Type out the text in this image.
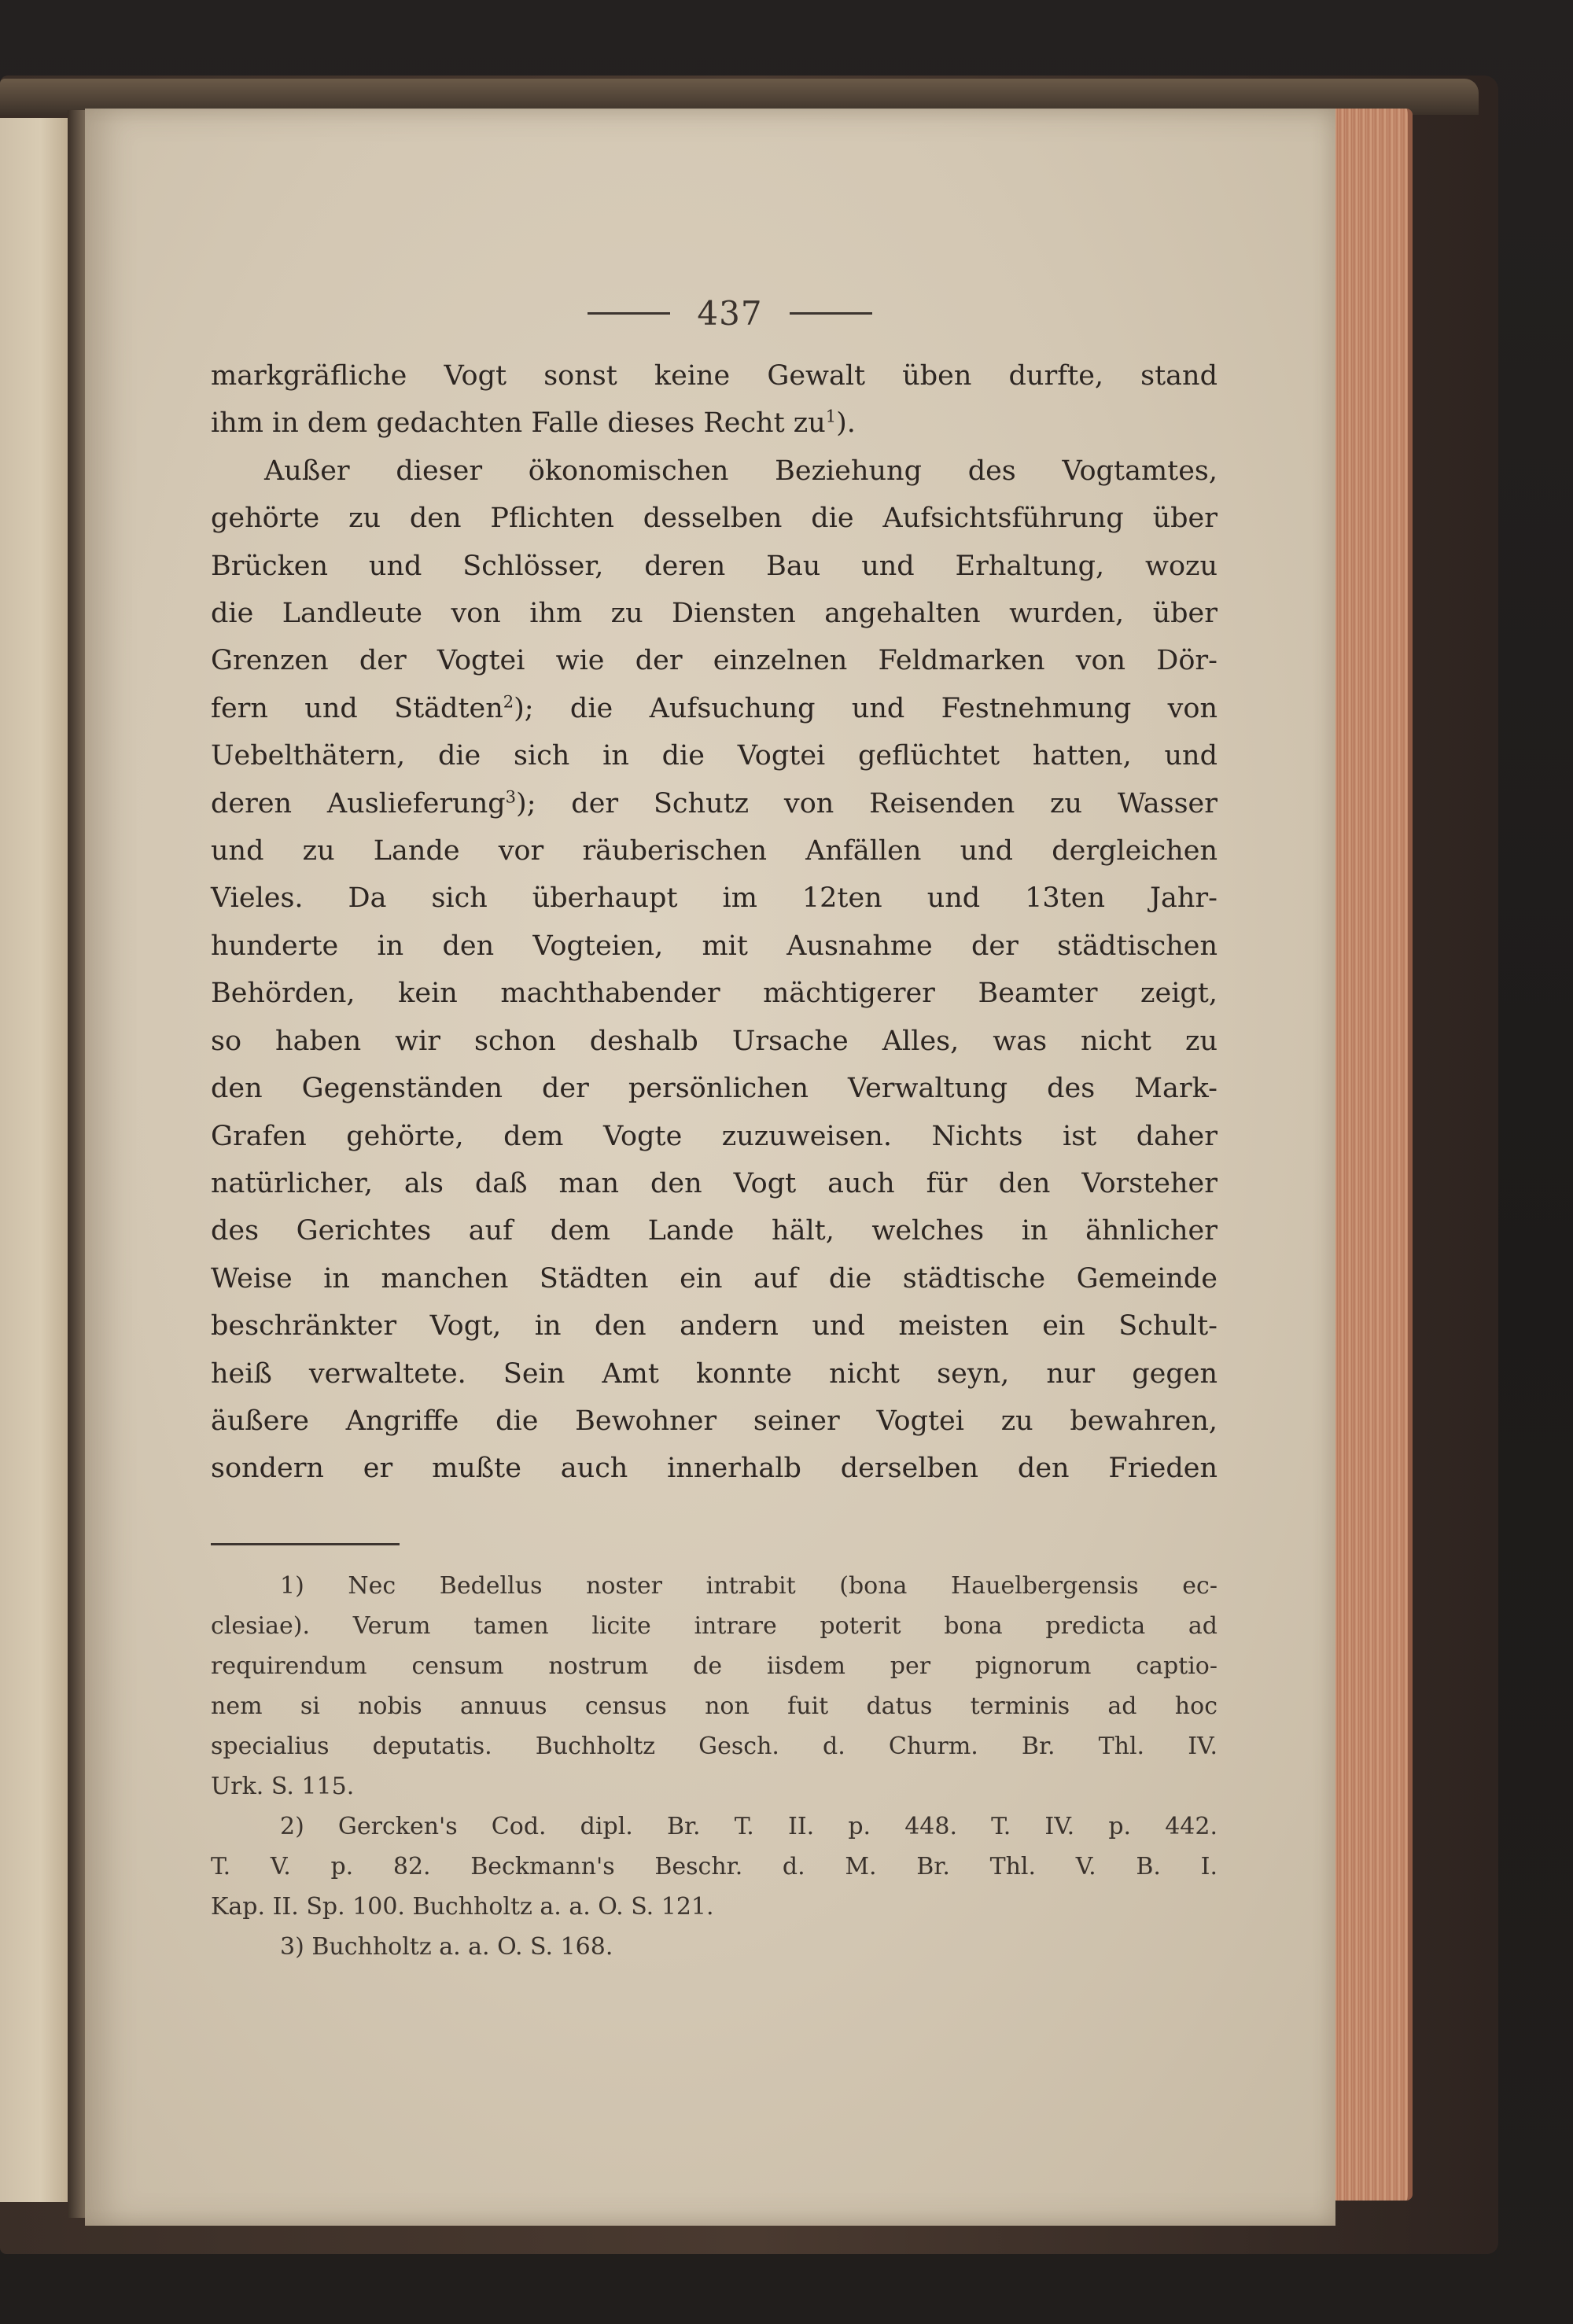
437
markgräfliche Vogt sonst keine Gewalt üben durfte, stand
ihm in dem gedachten Falle dieses Recht $zu^1$).
Außer dieser ökonomischen Beziehung des Vogtamtes,
gehörte zu den Pflichten desselben die Aufsichtsführung über
Brücken und Schlösser, deren Bau und Erhaltung, wozu
die Landleute von ihm zu Diensten angehalten wurden, über
Grenzen der Vogtei wie der einzelnen Feldmarken von Dör-
fern und Städten$^2$); die Aufsuchung und Festnehmung von
Uebelthätern, die sich in die Vogtei geflüchtet hatten, und
deren Auslieferung$^3$); der Schutz von Reisenden zu Wasser
und zu Lande vor räuberischen Anfällen und dergleichen
Vieles. Da sich überhaupt im 12ten und 13ten Jahr-
hunderte in den Vogteien, mit Ausnahme der städtischen
Behörden, kein machthabender mächtigerer Beamter zeigt,
so haben wir schon deshalb Ursache Alles, was nicht zu
den Gegenständen der persönlichen Verwaltung des Mark-
Grafen gehörte, dem Vogte zuzuweisen. Nichts ist daher
natürlicher, als daß man den Vogt auch für den Vorsteher
des Gerichtes auf dem Lande hält, welches in ähnlicher
Weise in manchen Städten ein auf die städtische Gemeinde
beschränkter Vogt, in den andern und meisten ein Schult-
heiß verwaltete. Sein Amt konnte nicht seyn, nur gegen
äußere Angriffe die Bewohner seiner Vogtei zu bewahren,
sondern er mußte auch innerhalb derselben den Frieden
1) Nec Bedellus noster intrabit (bona Hauelbergensis ec-
clesiae). Verum tamen licite intrare poterit bona predicta ad
requirendum censum nostrum de iisdem per pignorum captio-
nem si nobis annuus census non fuit datus terminis ad hoc
specialius deputatis. Buchholtz Gesch. d. Churm. Br. Thl. IV.
Urk. S. 115.
2) Gercken's Cod. dipl. Br. T. II. p. 448. T. IV. p. 442.
T. V. p. 82. Beckmann's Beschr. d. M. Br. Thl. V. B. I.
Kap. II. Sp. 100. Buchholtz a. a. O. S. 121.
3) Buchholtz a. a. O. S. 168.
